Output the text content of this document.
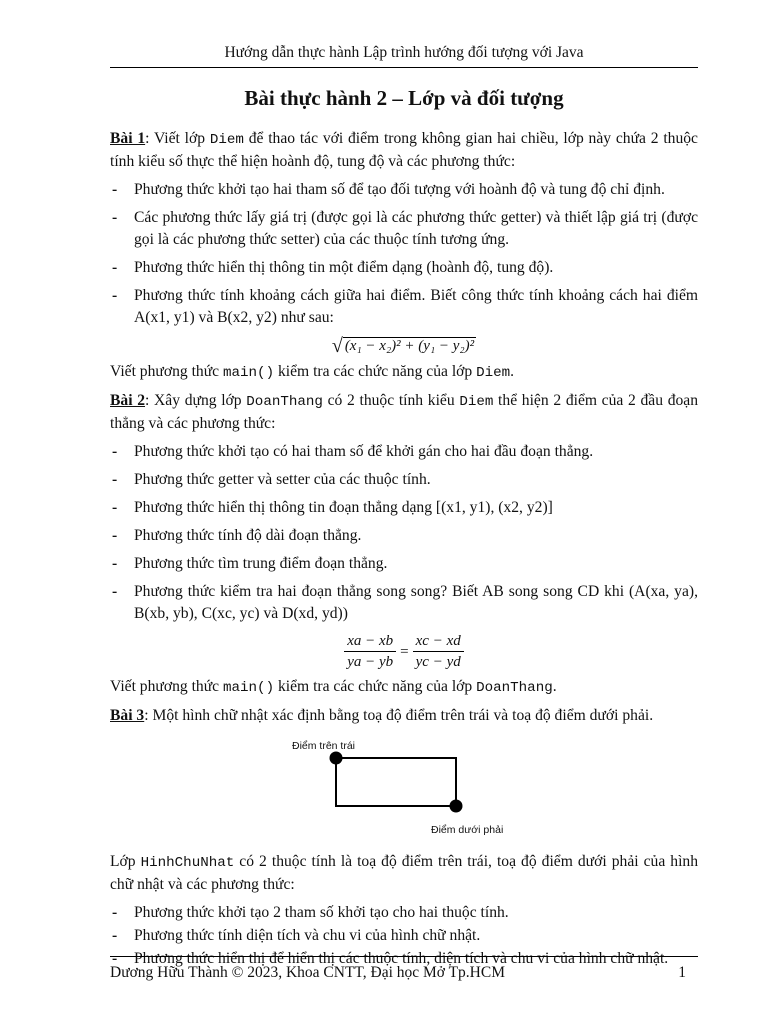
Hướng dẫn thực hành Lập trình hướng đối tượng với Java
Bài thực hành 2 – Lớp và đối tượng

Bài 1: Viết lớp Diem để thao tác với điểm trong không gian hai chiều, lớp này chứa 2 thuộc tính kiểu số thực thể hiện hoành độ, tung độ và các phương thức:

- Phương thức khởi tạo hai tham số để tạo đối tượng với hoành độ và tung độ chỉ định.
- Các phương thức lấy giá trị (được gọi là các phương thức getter) và thiết lập giá trị (được gọi là các phương thức setter) của các thuộc tính tương ứng.
- Phương thức hiển thị thông tin một điểm dạng (hoành độ, tung độ).
- Phương thức tính khoảng cách giữa hai điểm. Biết công thức tính khoảng cách hai điểm A(x1, y1) và B(x2, y2) như sau:
√ (x₁ − x₂)² + (y₁ − y₂)²

Viết phương thức main() kiểm tra các chức năng của lớp Diem.

Bài 2: Xây dựng lớp DoanThang có 2 thuộc tính kiểu Diem thể hiện 2 điểm của 2 đầu đoạn thẳng và các phương thức:

- Phương thức khởi tạo có hai tham số để khởi gán cho hai đầu đoạn thẳng.
- Phương thức getter và setter của các thuộc tính.
- Phương thức hiển thị thông tin đoạn thẳng dạng [(x1, y1), (x2, y2)]
- Phương thức tính độ dài đoạn thẳng.
- Phương thức tìm trung điểm đoạn thẳng.
- Phương thức kiểm tra hai đoạn thẳng song song? Biết AB song song CD khi (A(xa, ya), B(xb, yb), C(xc, yc) và D(xd, yd))
$\frac{xa - xb}{ya - yb} = \frac{xc - xd}{yc - yd}$

Viết phương thức main() kiểm tra các chức năng của lớp DoanThang.

Bài 3: Một hình chữ nhật xác định bằng toạ độ điểm trên trái và toạ độ điểm dưới phải.

Điểm trên trái
Điểm dưới phải

Lớp HinhChuNhat có 2 thuộc tính là toạ độ điểm trên trái, toạ độ điểm dưới phải của hình chữ nhật và các phương thức:

- Phương thức khởi tạo 2 tham số khởi tạo cho hai thuộc tính.
- Phương thức tính diện tích và chu vi của hình chữ nhật.
- Phương thức hiển thị để hiển thị các thuộc tính, diện tích và chu vi của hình chữ nhật.
Dương Hữu Thành © 2023, Khoa CNTT, Đại học Mở Tp.HCM	1
